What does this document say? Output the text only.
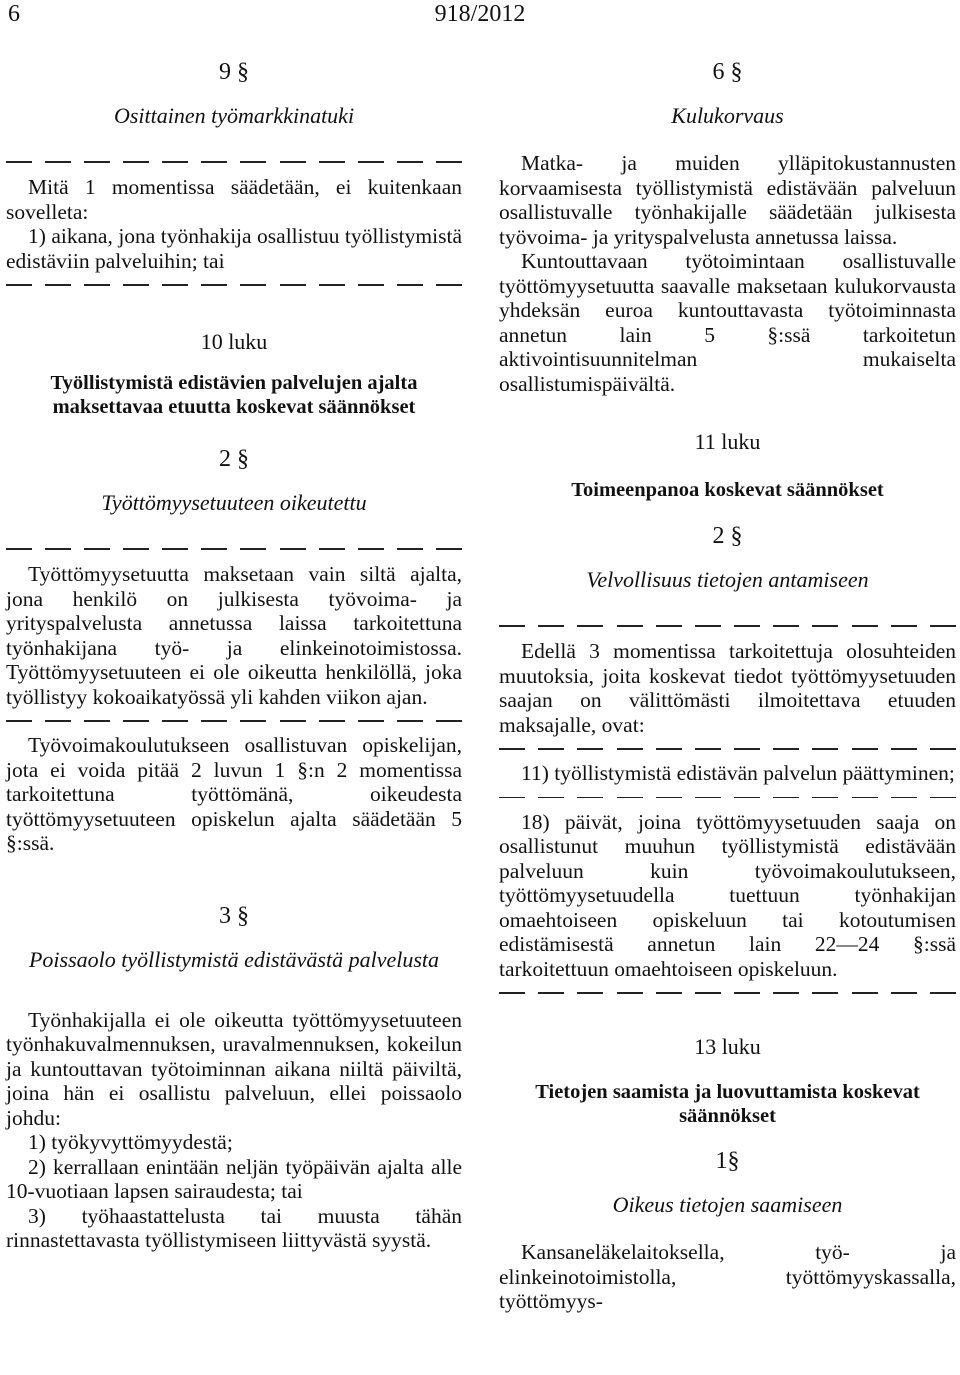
6	918/2012
9 §
Osittainen työmarkkinatuki

Mitä 1 momentissa säädetään, ei kuitenkaan sovelleta:

1) aikana, jona työnhakija osallistuu työllistymistä edistäviin palveluihin; tai

10 luku
Työllistymistä edistävien palvelujen ajalta maksettavaa etuutta koskevat säännökset
2 §
Työttömyysetuuteen oikeutettu

Työttömyysetuutta maksetaan vain siltä ajalta, jona henkilö on julkisesta työvoima- ja yrityspalvelusta annetussa laissa tarkoitettuna työnhakijana työ- ja elinkeinotoimistossa. Työttömyysetuuteen ei ole oikeutta henkilöllä, joka työllistyy kokoaikatyössä yli kahden viikon ajan.

Työvoimakoulutukseen osallistuvan opiskelijan, jota ei voida pitää 2 luvun 1 §:n 2 momentissa tarkoitettuna työttömänä, oikeudesta työttömyysetuuteen opiskelun ajalta säädetään 5 §:ssä.

3 §
Poissaolo työllistymistä edistävästä palvelusta

Työnhakijalla ei ole oikeutta työttömyysetuuteen työnhakuvalmennuksen, uravalmennuksen, kokeilun ja kuntouttavan työtoiminnan aikana niiltä päiviltä, joina hän ei osallistu palveluun, ellei poissaolo johdu:

1) työkyvyttömyydestä;

2) kerrallaan enintään neljän työpäivän ajalta alle 10-vuotiaan lapsen sairaudesta; tai

3) työhaastattelusta tai muusta tähän rinnastettavasta työllistymiseen liittyvästä syystä.

6 §
Kulukorvaus

Matka- ja muiden ylläpitokustannusten korvaamisesta työllistymistä edistävään palveluun osallistuvalle työnhakijalle säädetään julkisesta työvoima- ja yrityspalvelusta annetussa laissa.

Kuntouttavaan työtoimintaan osallistuvalle työttömyysetuutta saavalle maksetaan kulukorvausta yhdeksän euroa kuntouttavasta työtoiminnasta annetun lain 5 §:ssä tarkoitetun aktivointisuunnitelman mukaiselta osallistumispäivältä.

11 luku
Toimeenpanoa koskevat säännökset
2 §
Velvollisuus tietojen antamiseen

Edellä 3 momentissa tarkoitettuja olosuhteiden muutoksia, joita koskevat tiedot työttömyysetuuden saajan on välittömästi ilmoitettava etuuden maksajalle, ovat:

11) työllistymistä edistävän palvelun päättyminen;

18) päivät, joina työttömyysetuuden saaja on osallistunut muuhun työllistymistä edistävään palveluun kuin työvoimakoulutukseen, työttömyysetuudella tuettuun työnhakijan omaehtoiseen opiskeluun tai kotoutumisen edistämisestä annetun lain 22—24 §:ssä tarkoitettuun omaehtoiseen opiskeluun.

13 luku
Tietojen saamista ja luovuttamista koskevat säännökset
1§
Oikeus tietojen saamiseen

Kansaneläkelaitoksella, työ- ja elinkeinotoimistolla, työttömyyskassalla, työttömyys-
